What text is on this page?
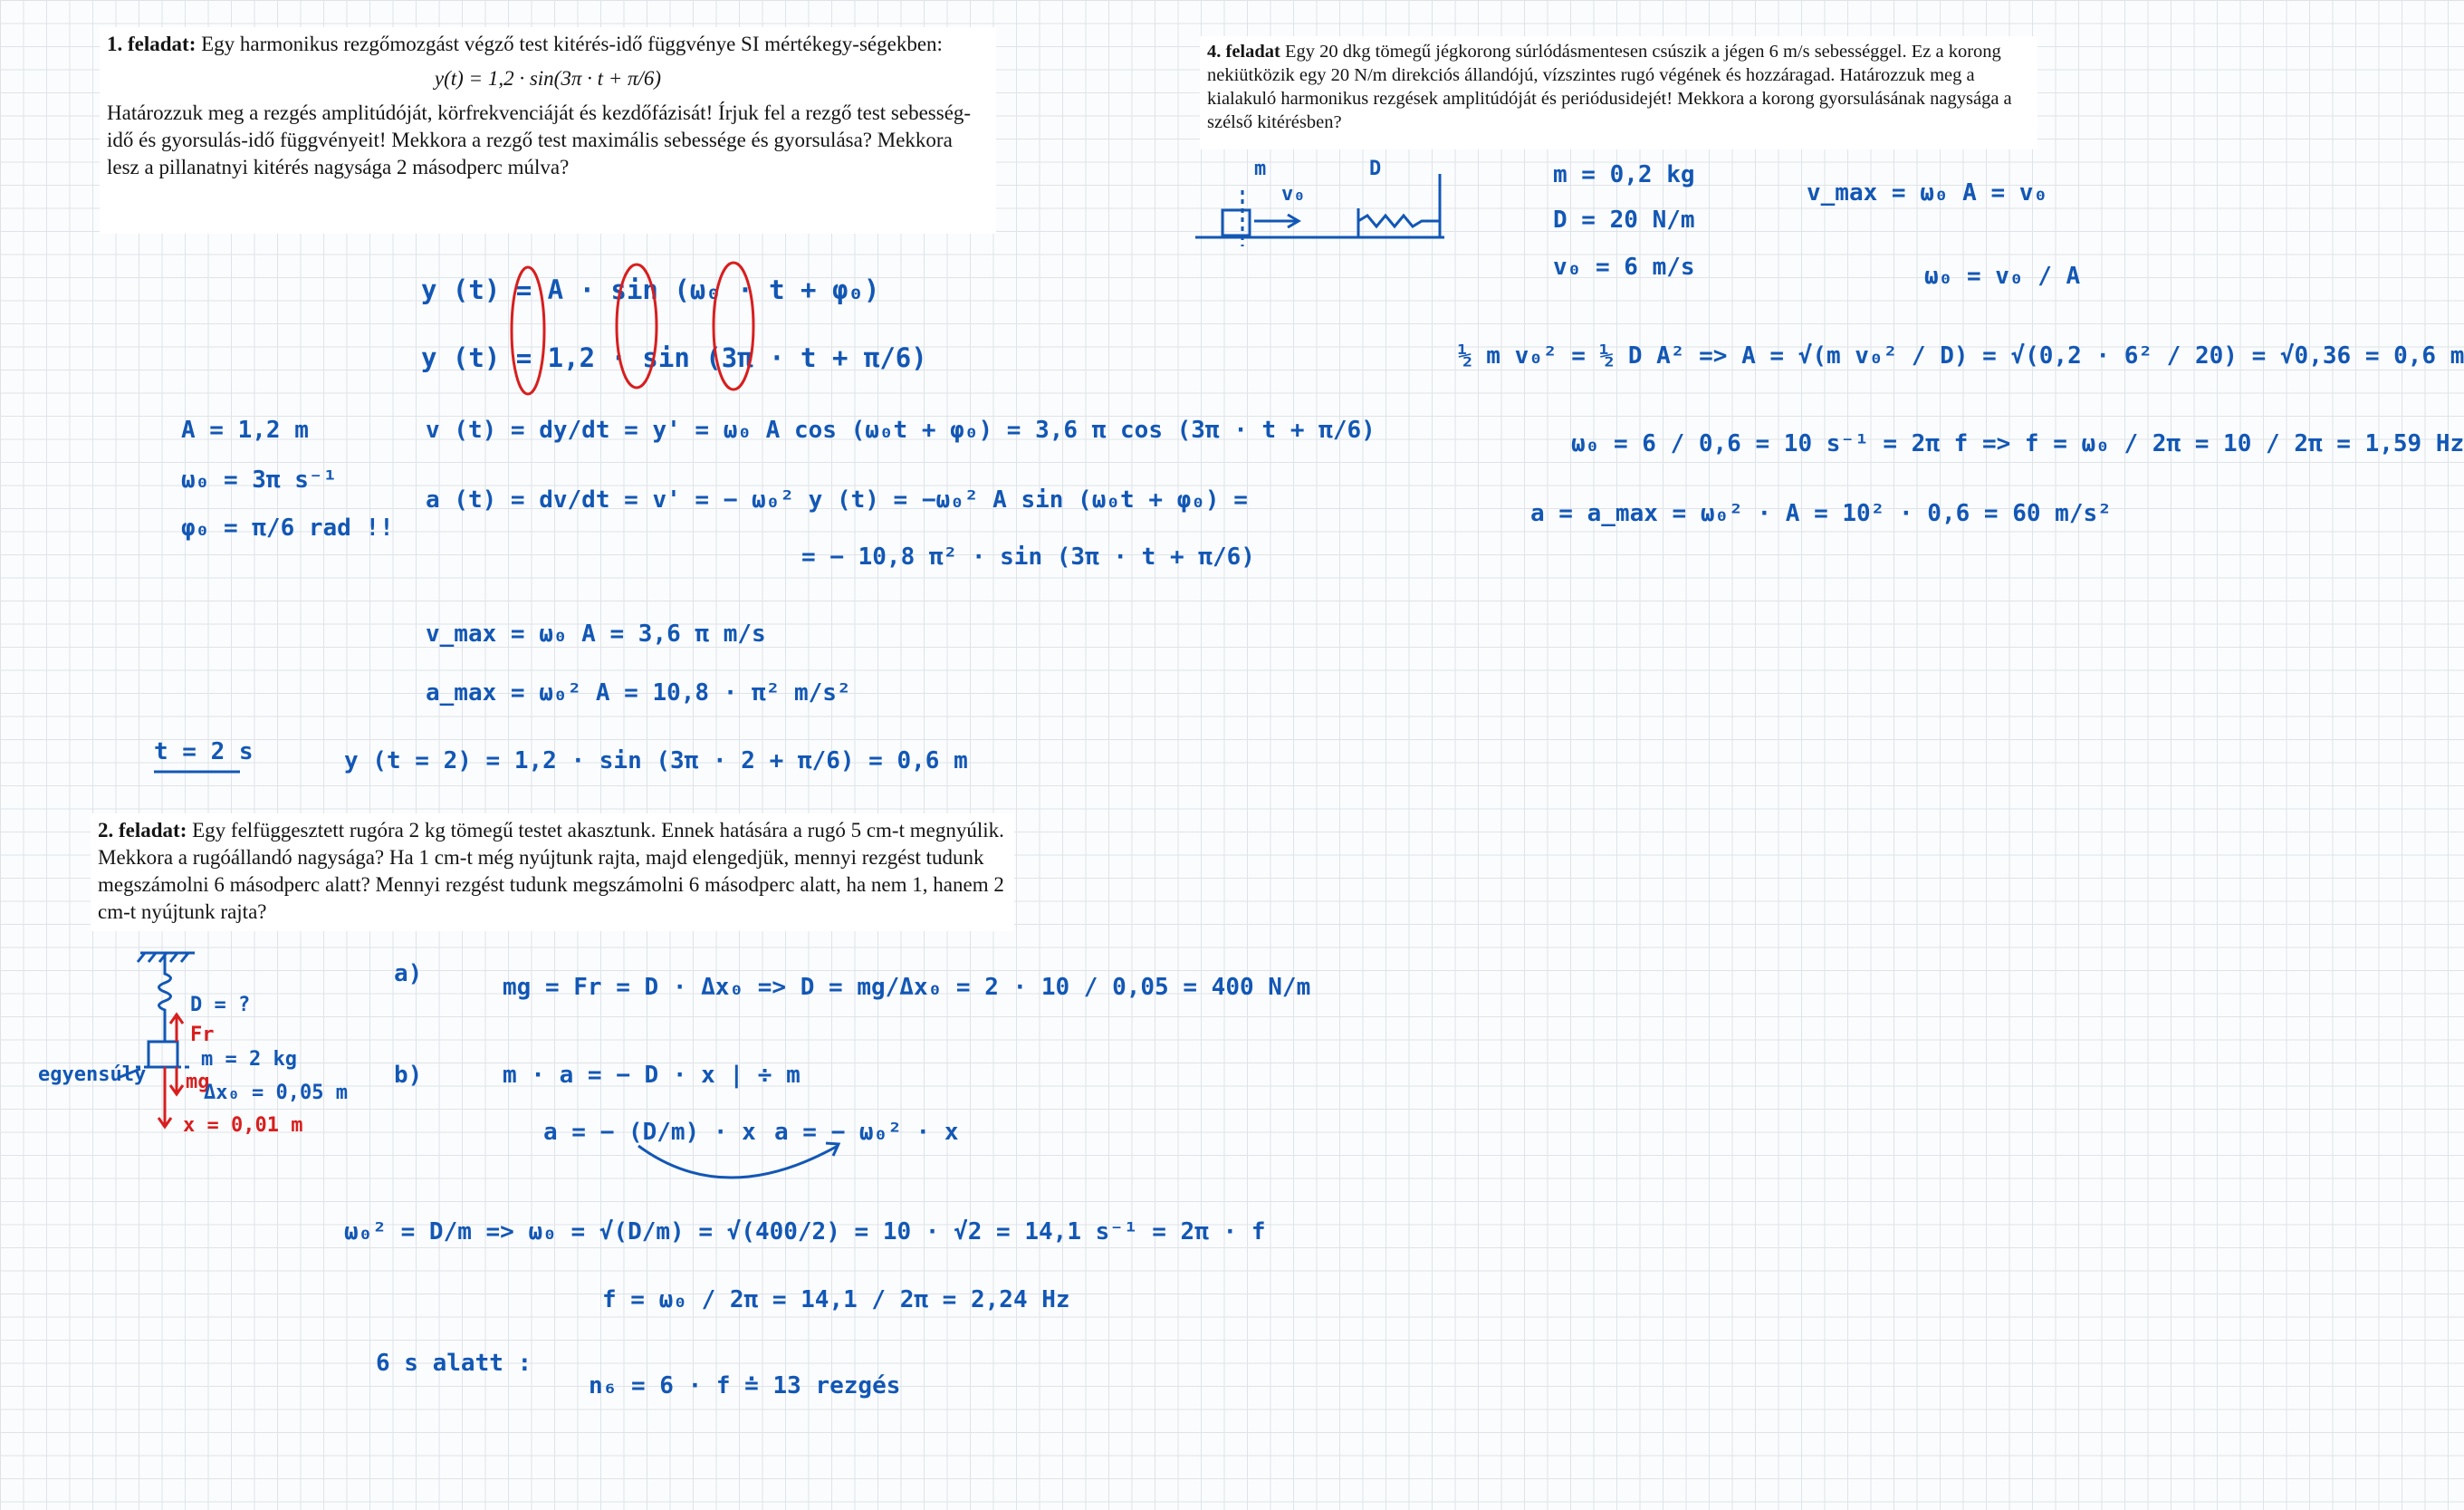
1. feladat: Egy harmonikus rezgőmozgást végző test kitérés-idő függvénye SI mértékegy-ségekben:
y(t) = 1,2 · sin(3π · t + π/6)
Határozzuk meg a rezgés amplitúdóját, körfrekvenciáját és kezdőfázisát! Írjuk fel a rezgő test sebesség-idő és gyorsulás-idő függvényeit! Mekkora a rezgő test maximális sebessége és gyorsulása? Mekkora lesz a pillanatnyi kitérés nagysága 2 másodperc múlva?
2. feladat: Egy felfüggesztett rugóra 2 kg tömegű testet akasztunk. Ennek hatására a rugó 5 cm-t megnyúlik. Mekkora a rugóállandó nagysága? Ha 1 cm-t még nyújtunk rajta, majd elengedjük, mennyi rezgést tudunk megszámolni 6 másodperc alatt? Mennyi rezgést tudunk megszámolni 6 másodperc alatt, ha nem 1, hanem 2 cm-t nyújtunk rajta?
4. feladat Egy 20 dkg tömegű jégkorong súrlódásmentesen csúszik a jégen 6 m/s sebességgel. Ez a korong nekiütközik egy 20 N/m direkciós állandójú, vízszintes rugó végének és hozzáragad. Határozzuk meg a kialakuló harmonikus rezgések amplitúdóját és periódusidejét! Mekkora a korong gyorsulásának nagysága a szélső kitérésben?
y (t) = A · sin (ω₀ · t + φ₀)
y (t) = 1,2 · sin (3π · t + π/6)
A = 1,2 m
ω₀ = 3π s⁻¹
φ₀ = π/6 rad !!
v (t) = dy/dt = y' = ω₀ A cos (ω₀t + φ₀) = 3,6 π cos (3π · t + π/6)
a (t) = dv/dt = v' = − ω₀² y (t) = −ω₀² A sin (ω₀t + φ₀) =
= − 10,8 π² · sin (3π · t + π/6)
v_max = ω₀ A = 3,6 π m/s
a_max = ω₀² A = 10,8 · π² m/s²
t = 2 s	y (t = 2) = 1,2 · sin (3π · 2 + π/6) = 0,6 m
D = ?
Fr
mg
m = 2 kg
Δx₀ = 0,05 m
x = 0,01 m
egyensúly
a)	mg = Fr = D · Δx₀ => D = mg/Δx₀ = 2 · 10 / 0,05 = 400 N/m
b)	m · a = − D · x | ÷ m
a = − (D/m) · x a = − ω₀² · x
ω₀² = D/m => ω₀ = √(D/m) = √(400/2) = 10 · √2 = 14,1 s⁻¹ = 2π · f
f = ω₀ / 2π = 14,1 / 2π = 2,24 Hz
6 s alatt :
n₆ = 6 · f ≐ 13 rezgés
m
v₀
D	m = 0,2 kg
D = 20 N/m
v₀ = 6 m/s
v_max = ω₀ A = v₀
ω₀ = v₀ / A
½ m v₀² = ½ D A² => A = √(m v₀² / D) = √(0,2 · 6² / 20) = √0,36 = 0,6 m
ω₀ = 6 / 0,6 = 10 s⁻¹ = 2π f => f = ω₀ / 2π = 10 / 2π = 1,59 Hz
a = a_max = ω₀² · A = 10² · 0,6 = 60 m/s²
